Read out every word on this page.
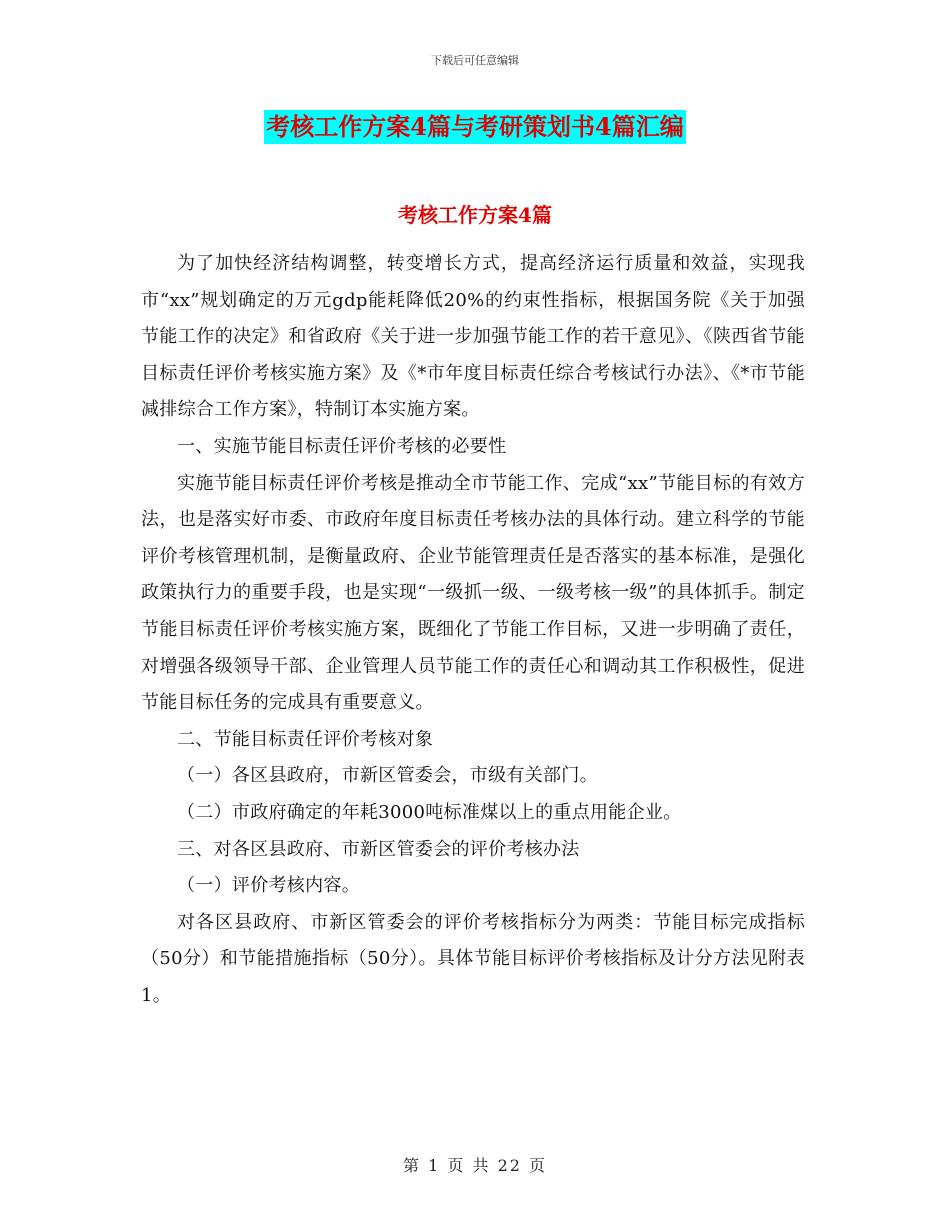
下载后可任意编辑
考核工作方案4篇与考研策划书4篇汇编
考核工作方案4篇

为了加快经济结构调整，转变增长方式，提高经济运行质量和效益，实现我市“xx”规划确定的万元gdp能耗降低20%的约束性指标，根据国务院《关于加强节能工作的决定》和省政府《关于进一步加强节能工作的若干意见》、《陕西省节能目标责任评价考核实施方案》及《*市年度目标责任综合考核试行办法》、《*市节能减排综合工作方案》，特制订本实施方案。

一、实施节能目标责任评价考核的必要性

实施节能目标责任评价考核是推动全市节能工作、完成“xx”节能目标的有效方法，也是落实好市委、市政府年度目标责任考核办法的具体行动。建立科学的节能评价考核管理机制，是衡量政府、企业节能管理责任是否落实的基本标准，是强化政策执行力的重要手段，也是实现“一级抓一级、一级考核一级”的具体抓手。制定节能目标责任评价考核实施方案，既细化了节能工作目标，又进一步明确了责任，对增强各级领导干部、企业管理人员节能工作的责任心和调动其工作积极性，促进节能目标任务的完成具有重要意义。

二、节能目标责任评价考核对象

（一）各区县政府，市新区管委会，市级有关部门。

（二）市政府确定的年耗3000吨标准煤以上的重点用能企业。

三、对各区县政府、市新区管委会的评价考核办法

（一）评价考核内容。

对各区县政府、市新区管委会的评价考核指标分为两类：节能目标完成指标（50分）和节能措施指标（50分）。具体节能目标评价考核指标及计分方法见附表1。

第 1 页 共 22 页
